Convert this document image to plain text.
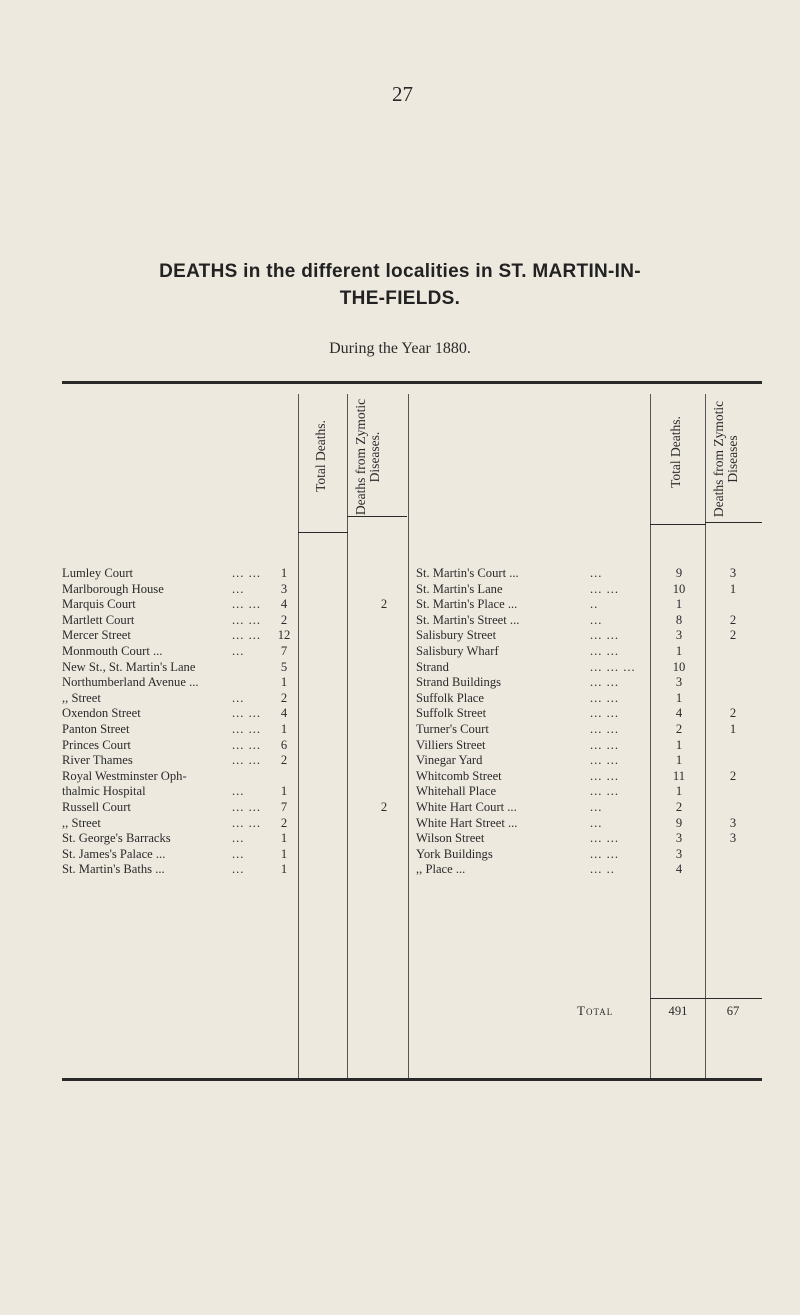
27
DEATHS in the different localities in ST. MARTIN-IN-
THE-FIELDS.
During the Year 1880.
Total Deaths. Deaths from Zymotic Diseases.	Total Deaths. Deaths from Zymotic Diseases
Lumley Court	... ...	1
Marlborough House	...	3
Marquis Court	... ...	4	2
Martlett Court	... ...	2
Mercer Street	... ...	12
Monmouth Court ...	...	7
New St., St. Martin's Lane	5
Northumberland Avenue ...	1
,, Street	...	2
Oxendon Street	... ...	4
Panton Street	... ...	1
Princes Court	... ...	6
River Thames	... ...	2
Royal Westminster Oph-
thalmic Hospital	...	1
Russell Court	... ...	7	2
,, Street	... ...	2
St. George's Barracks	...	1
St. James's Palace ...	...	1
St. Martin's Baths ...	...	1
St. Martin's Court ...	...	9	3
St. Martin's Lane	... ...	10	1
St. Martin's Place ...	..	1
St. Martin's Street ...	...	8	2
Salisbury Street	... ...	3	2
Salisbury Wharf	... ...	1
Strand	... ... ...	10
Strand Buildings	... ...	3
Suffolk Place	... ...	1
Suffolk Street	... ...	4	2
Turner's Court	... ...	2	1
Villiers Street	... ...	1
Vinegar Yard	... ...	1
Whitcomb Street	... ...	11	2
Whitehall Place	... ...	1
White Hart Court ...	...	2
White Hart Street ...	...	9	3
Wilson Street	... ...	3	3
York Buildings	... ...	3
,, Place ...	... ..	4
Total	491	67
